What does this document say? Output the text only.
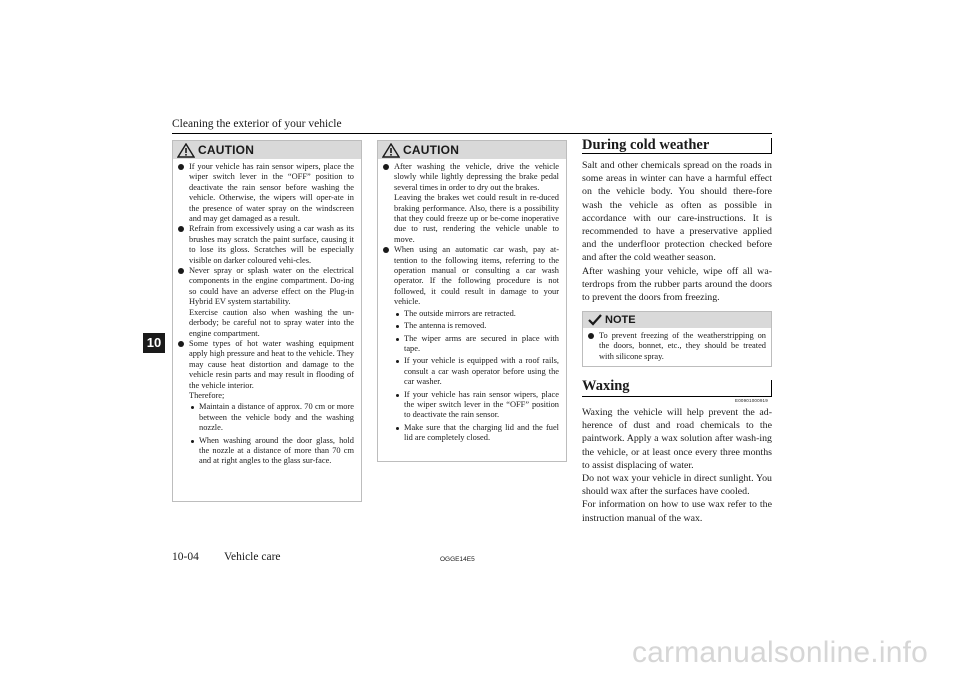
Cleaning the exterior of your vehicle
10
CAUTION

If your vehicle has rain sensor wipers, place the wiper switch lever in the “OFF” position to deactivate the rain sensor before washing the vehicle. Otherwise, the wipers will oper-ate in the presence of water spray on the windscreen and may get damaged as a result.

Refrain from excessively using a car wash as its brushes may scratch the paint surface, causing it to lose its gloss. Scratches will be especially visible on darker coloured vehi-cles.

Never spray or splash water on the electrical components in the engine compartment. Do-ing so could have an adverse effect on the Plug-in Hybrid EV system startability.

Exercise caution also when washing the un-derbody; be careful not to spray water into the engine compartment.

Some types of hot water washing equipment apply high pressure and heat to the vehicle. They may cause heat distortion and damage to the vehicle resin parts and may result in flooding of the vehicle interior.

Therefore;

Maintain a distance of approx. 70 cm or more between the vehicle body and the washing nozzle.
When washing around the door glass, hold the nozzle at a distance of more than 70 cm and at right angles to the glass sur-face.
CAUTION

After washing the vehicle, drive the vehicle slowly while lightly depressing the brake pedal several times in order to dry out the brakes.

Leaving the brakes wet could result in re-duced braking performance. Also, there is a possibility that they could freeze up or be-come inoperative due to rust, rendering the vehicle unable to move.

When using an automatic car wash, pay at-tention to the following items, referring to the operation manual or consulting a car wash operator. If the following procedure is not followed, it could result in damage to your vehicle.

The outside mirrors are retracted.
The antenna is removed.
The wiper arms are secured in place with tape.
If your vehicle is equipped with a roof rails, consult a car wash operator before using the car washer.
If your vehicle has rain sensor wipers, place the wiper switch lever in the “OFF” position to deactivate the rain sensor.
Make sure that the charging lid and the fuel lid are completely closed.
During cold weather

Salt and other chemicals spread on the roads in some areas in winter can have a harmful effect on the vehicle body. You should there-fore wash the vehicle as often as possible in accordance with our care-instructions. It is recommended to have a preservative applied and the underfloor protection checked before and after the cold weather season.

After washing your vehicle, wipe off all wa-terdrops from the rubber parts around the doors to prevent the doors from freezing.

NOTE

To prevent freezing of the weatherstripping on the doors, bonnet, etc., they should be treated with silicone spray.

Waxing
E00901000919

Waxing the vehicle will help prevent the ad-herence of dust and road chemicals to the paintwork. Apply a wax solution after wash-ing the vehicle, or at least once every three months to assist displacing of water.

Do not wax your vehicle in direct sunlight. You should wax after the surfaces have cooled.

For information on how to use wax refer to the instruction manual of the wax.

10-04 Vehicle care	OGGE14E5
carmanualsonline.info
